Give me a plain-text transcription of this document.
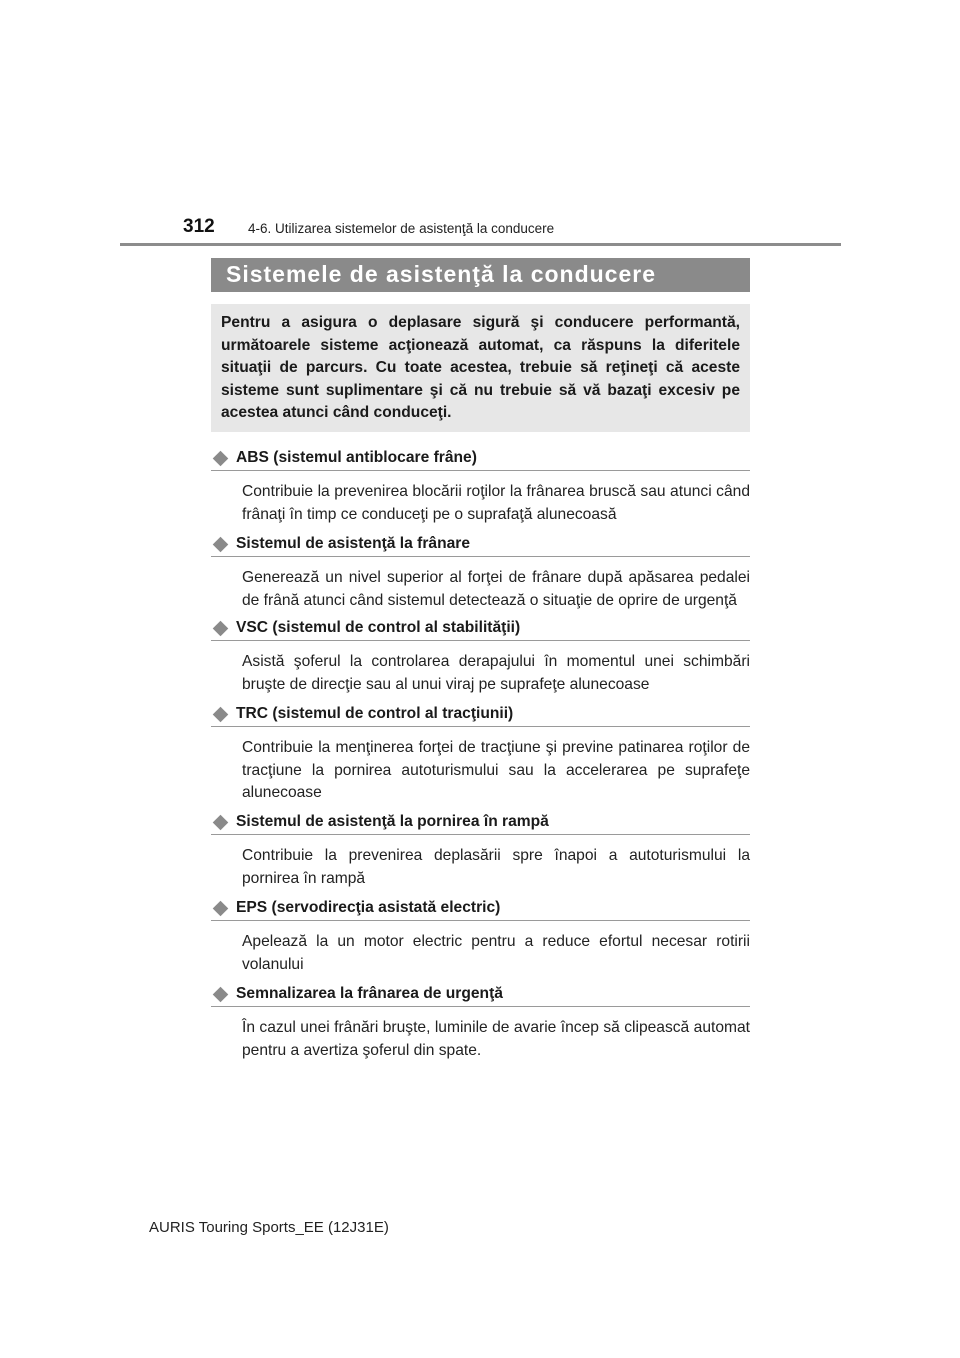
312 4-6. Utilizarea sistemelor de asistenţă la conducere
Sistemele de asistenţă la conducere

Pentru a asigura o deplasare sigură şi conducere performantă, următoarele sisteme acţionează automat, ca răspuns la diferitele situaţii de parcurs. Cu toate acestea, trebuie să reţineţi că aceste sisteme sunt suplimentare şi că nu trebuie să vă bazaţi excesiv pe acestea atunci când conduceţi.

ABS (sistemul antiblocare frâne)
Contribuie la prevenirea blocării roţilor la frânarea bruscă sau atunci când frânaţi în timp ce conduceţi pe o suprafaţă alunecoasă
Sistemul de asistenţă la frânare
Generează un nivel superior al forţei de frânare după apăsarea pedalei de frână atunci când sistemul detectează o situaţie de oprire de urgenţă
VSC (sistemul de control al stabilităţii)
Asistă şoferul la controlarea derapajului în momentul unei schimbări bruşte de direcţie sau al unui viraj pe suprafeţe alunecoase
TRC (sistemul de control al tracţiunii)
Contribuie la menţinerea forţei de tracţiune şi previne patinarea roţilor de tracţiune la pornirea autoturismului sau la accelerarea pe suprafeţe alunecoase
Sistemul de asistenţă la pornirea în rampă
Contribuie la prevenirea deplasării spre înapoi a autoturismului la pornirea în rampă
EPS (servodirecţia asistată electric)
Apelează la un motor electric pentru a reduce efortul necesar rotirii volanului
Semnalizarea la frânarea de urgenţă
În cazul unei frânări bruşte, luminile de avarie încep să clipească automat pentru a avertiza şoferul din spate.
AURIS Touring Sports_EE (12J31E)
